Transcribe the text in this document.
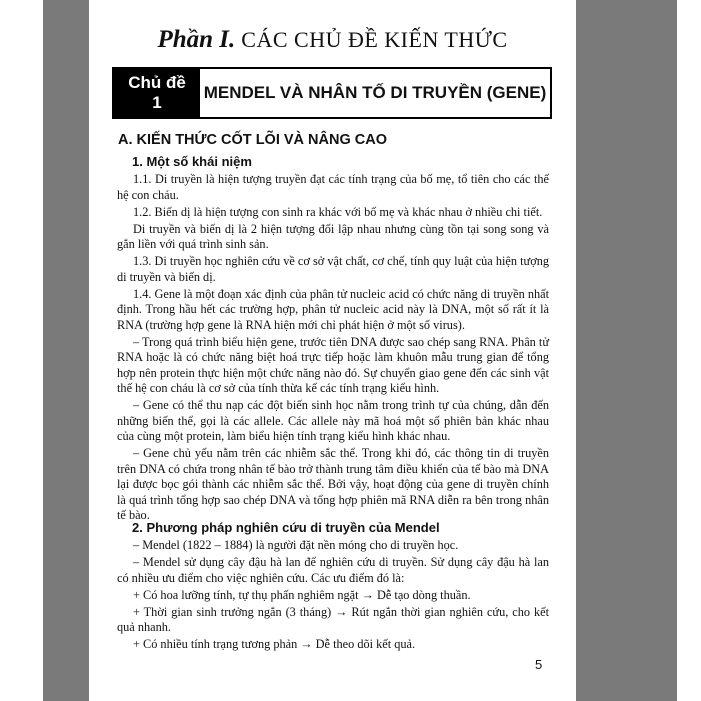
Phần I. CÁC CHỦ ĐỀ KIẾN THỨC
Chủ đề
1
MENDEL VÀ NHÂN TỐ DI TRUYỀN (GENE)
A. KIẾN THỨC CỐT LÕI VÀ NÂNG CAO
1. Một số khái niệm

1.1. Di truyền là hiện tượng truyền đạt các tính trạng của bố mẹ, tổ tiên cho các thế hệ con cháu.

1.2. Biến dị là hiện tượng con sinh ra khác với bố mẹ và khác nhau ở nhiều chi tiết.

Di truyền và biến dị là 2 hiện tượng đối lập nhau nhưng cùng tồn tại song song và gắn liền với quá trình sinh sản.

1.3. Di truyền học nghiên cứu về cơ sở vật chất, cơ chế, tính quy luật của hiện tượng di truyền và biến dị.

1.4. Gene là một đoạn xác định của phân tử nucleic acid có chức năng di truyền nhất định. Trong hầu hết các trường hợp, phân tử nucleic acid này là DNA, một số rất ít là RNA (trường hợp gene là RNA hiện mới chỉ phát hiện ở một số virus).

– Trong quá trình biểu hiện gene, trước tiên DNA được sao chép sang RNA. Phân tử RNA hoặc là có chức năng biệt hoá trực tiếp hoặc làm khuôn mẫu trung gian để tổng hợp nên protein thực hiện một chức năng nào đó. Sự chuyển giao gene đến các sinh vật thế hệ con cháu là cơ sở của tính thừa kế các tính trạng kiểu hình.

– Gene có thể thu nạp các đột biến sinh học nằm trong trình tự của chúng, dẫn đến những biến thể, gọi là các allele. Các allele này mã hoá một số phiên bản khác nhau của cùng một protein, làm biểu hiện tính trạng kiểu hình khác nhau.

– Gene chủ yếu nằm trên các nhiễm sắc thể. Trong khi đó, các thông tin di truyền trên DNA có chứa trong nhân tế bào trở thành trung tâm điều khiển của tế bào mà DNA lại được bọc gói thành các nhiễm sắc thể. Bởi vậy, hoạt động của gene di truyền chính là quá trình tổng hợp sao chép DNA và tổng hợp phiên mã RNA diễn ra bên trong nhân tế bào.

2. Phương pháp nghiên cứu di truyền của Mendel

– Mendel (1822 – 1884) là người đặt nền móng cho di truyền học.

– Mendel sử dụng cây đậu hà lan để nghiên cứu di truyền. Sử dụng cây đậu hà lan có nhiều ưu điểm cho việc nghiên cứu. Các ưu điểm đó là:

+ Có hoa lưỡng tính, tự thụ phấn nghiêm ngặt → Dễ tạo dòng thuần.

+ Thời gian sinh trưởng ngắn (3 tháng) → Rút ngắn thời gian nghiên cứu, cho kết quả nhanh.

+ Có nhiều tính trạng tương phản → Dễ theo dõi kết quả.

5
